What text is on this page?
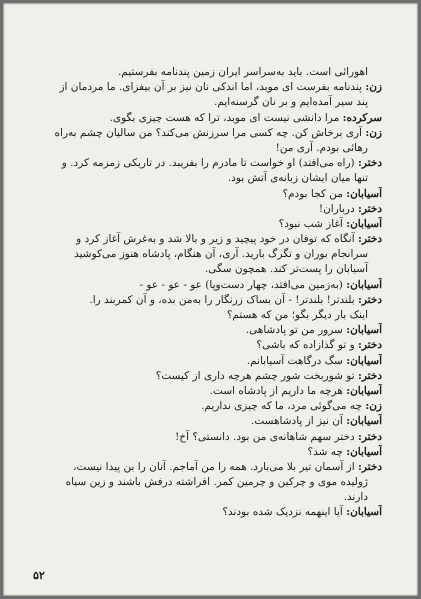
اهورائی است. باید به‌سراسر ایران زمین پندنامه بفرستیم.
زن: پندنامه بفرست ای موبد، اما اندکی نان نیز بر آن بیفزای. ما مردمان از
پند سیر آمده‌ایم و بر نان گرسنه‌ایم.
سرکرده: مرا دانشی نیست ای موبد، ترا که هست چیزی بگوی.
زن: آری برخاش کن. چه کسی مرا سرزنش می‌کند؟ من سالیان چشم به‌راه
رهائی بودم. آری من!
دختر: (راه می‌افتد) او خواست تا مادرم را بفریبد. در تاریکی زمزمه کرد. و
تنها میان ایشان زبانه‌ی آتش بود.
آسیابان: من کجا بودم؟
دختر: درباران!
آسیابان: آغاز شب نبود؟
دختر: آنگاه که توفان در خود پیچید و زیر و بالا شد و به‌غرش آغاز کرد و
سرانجام بوران و تگرگ بارید. آری، آن هنگام، پادشاه هنوز می‌کوشید
آسیابان را پست‌تر کند. همچون سگی.
آسیابان: (به‌زمین می‌افتد، چهار دست‌وپا) عو - عو - عو -
دختر: بلندتر! بلندتر! - آن بساک زرنگار را به‌من بده، و آن کمربند را.
اینک بار دیگر بگو؛ من که هستم؟
آسیابان: سرور من تو پادشاهی.
دختر: و تو گذازاده که باشی؟
آسیابان: سگ درگاهت آسیابانم.
دختر: تو شوربخت شور چشم هرچه داری از کیست؟
آسیابان: هرچه ما داریم از پادشاه است.
زن: چه می‌گوئی مرد، ما که چیزی نداریم.
آسیابان: آن نیز از پادشاهست.
دختر: دختر سهم شاهانه‌ی من بود. دانستی؟ آخ!
آسیابان: چه شد؟
دختر: از آسمان تیر بلا می‌بارد. همه را من آماجم. آنان را بن پیدا نیست،
ژولیده موی و چرکین و چرمین کمر. افراشته درفش باشند و زین سیاه
دارند.
آسیابان: آیا اینهمه نزدیک شده بودند؟
۵۲
